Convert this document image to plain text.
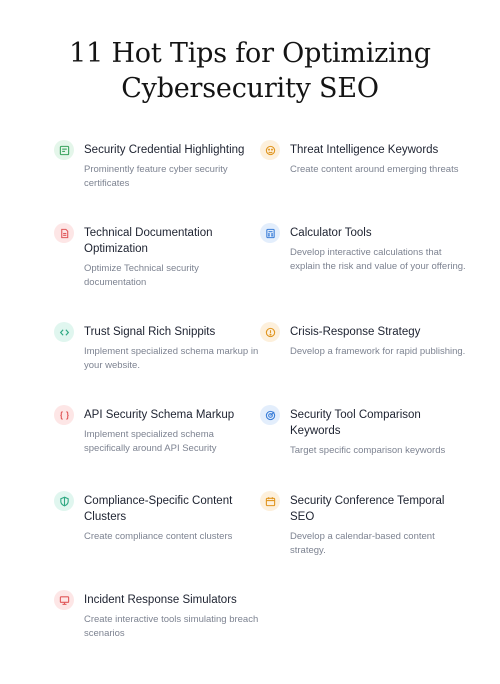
11 Hot Tips for Optimizing
Cybersecurity SEO
Security Credential Highlighting
Prominently feature cyber security certificates
Threat Intelligence Keywords
Create content around emerging threats
Technical Documentation Optimization
Optimize Technical security documentation
Calculator Tools
Develop interactive calculations that explain the risk and value of your offering.
Trust Signal Rich Snippits
Implement specialized schema markup in your website.
Crisis-Response Strategy
Develop a framework for rapid publishing.
API Security Schema Markup
Implement specialized schema specifically around API Security
Security Tool Comparison Keywords
Target specific comparison keywords
Compliance-Specific Content Clusters
Create compliance content clusters
Security Conference Temporal SEO
Develop a calendar-based content strategy.
Incident Response Simulators
Create interactive tools simulating breach scenarios
